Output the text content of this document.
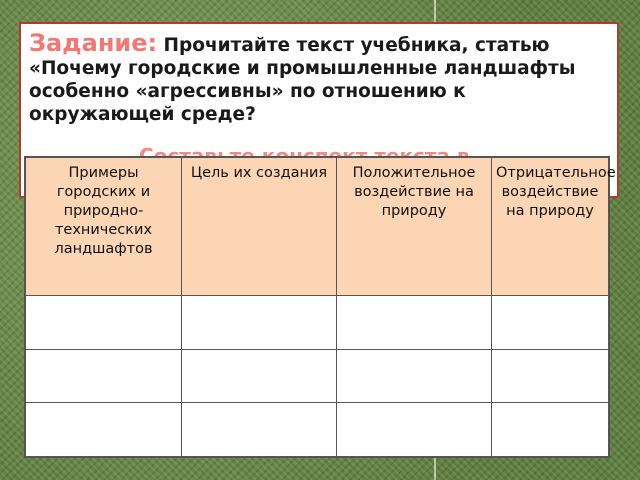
Задание: Прочитайте текст учебника, статью «Почему городские и промышленные ландшафты особенно «агрессивны» по отношению к окружающей среде?
Примеры городских и природно-технических ландшафтов	Цель их создания	Положительное воздействие на природу	Отрицательное воздействие на природу
